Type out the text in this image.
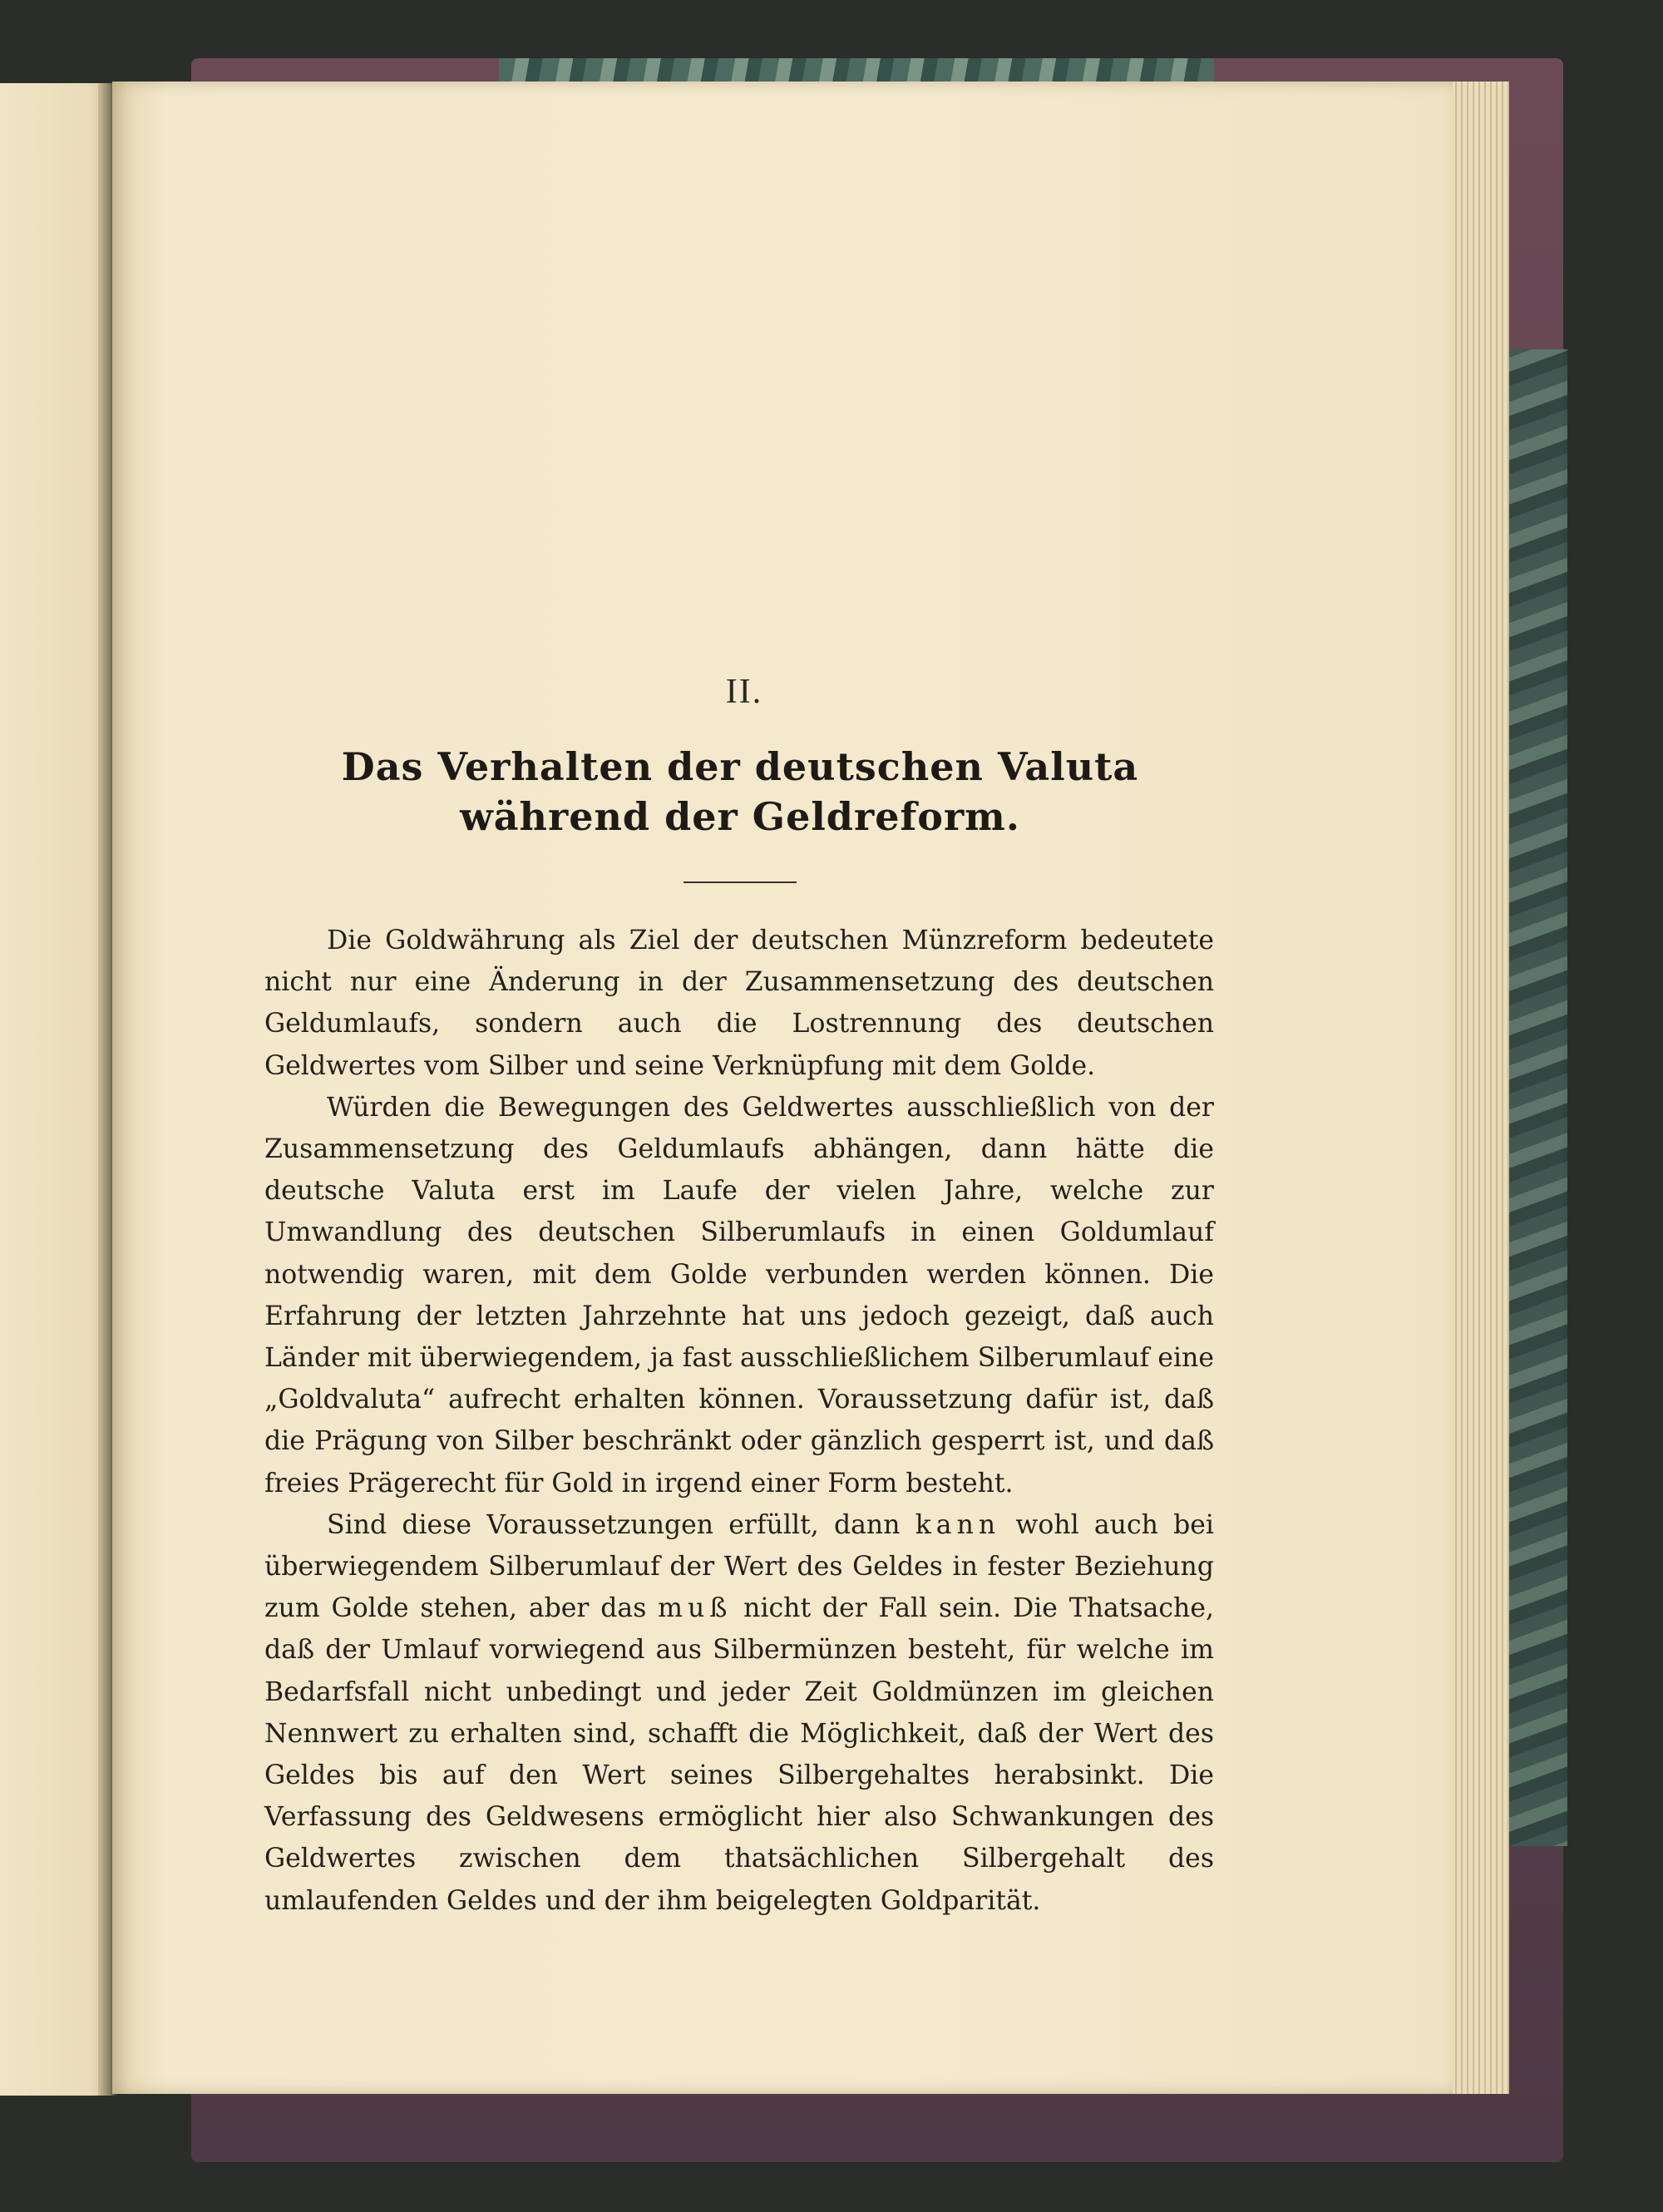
II.
Das Verhalten der deutschen Valuta während der Geldreform.

Die Goldwährung als Ziel der deutschen Münzreform bedeutete nicht nur eine Änderung in der Zusammensetzung des deutschen Geldumlaufs, sondern auch die Lostrennung des deutschen Geldwertes vom Silber und seine Verknüpfung mit dem Golde.

Würden die Bewegungen des Geldwertes ausschließlich von der Zusammensetzung des Geldumlaufs abhängen, dann hätte die deutsche Valuta erst im Laufe der vielen Jahre, welche zur Umwandlung des deutschen Silberumlaufs in einen Goldumlauf notwendig waren, mit dem Golde verbunden werden können. Die Erfahrung der letzten Jahrzehnte hat uns jedoch gezeigt, daß auch Länder mit überwiegendem, ja fast ausschließlichem Silberumlauf eine „Goldvaluta“ aufrecht erhalten können. Voraussetzung dafür ist, daß die Prägung von Silber beschränkt oder gänzlich gesperrt ist, und daß freies Prägerecht für Gold in irgend einer Form besteht.

Sind diese Voraussetzungen erfüllt, dann kann wohl auch bei überwiegendem Silberumlauf der Wert des Geldes in fester Beziehung zum Golde stehen, aber das muß nicht der Fall sein. Die Thatsache, daß der Umlauf vorwiegend aus Silbermünzen besteht, für welche im Bedarfsfall nicht unbedingt und jeder Zeit Goldmünzen im gleichen Nennwert zu erhalten sind, schafft die Möglichkeit, daß der Wert des Geldes bis auf den Wert seines Silbergehaltes herabsinkt. Die Verfassung des Geldwesens ermöglicht hier also Schwankungen des Geldwertes zwischen dem thatsächlichen Silbergehalt des umlaufenden Geldes und der ihm beigelegten Goldparität.
